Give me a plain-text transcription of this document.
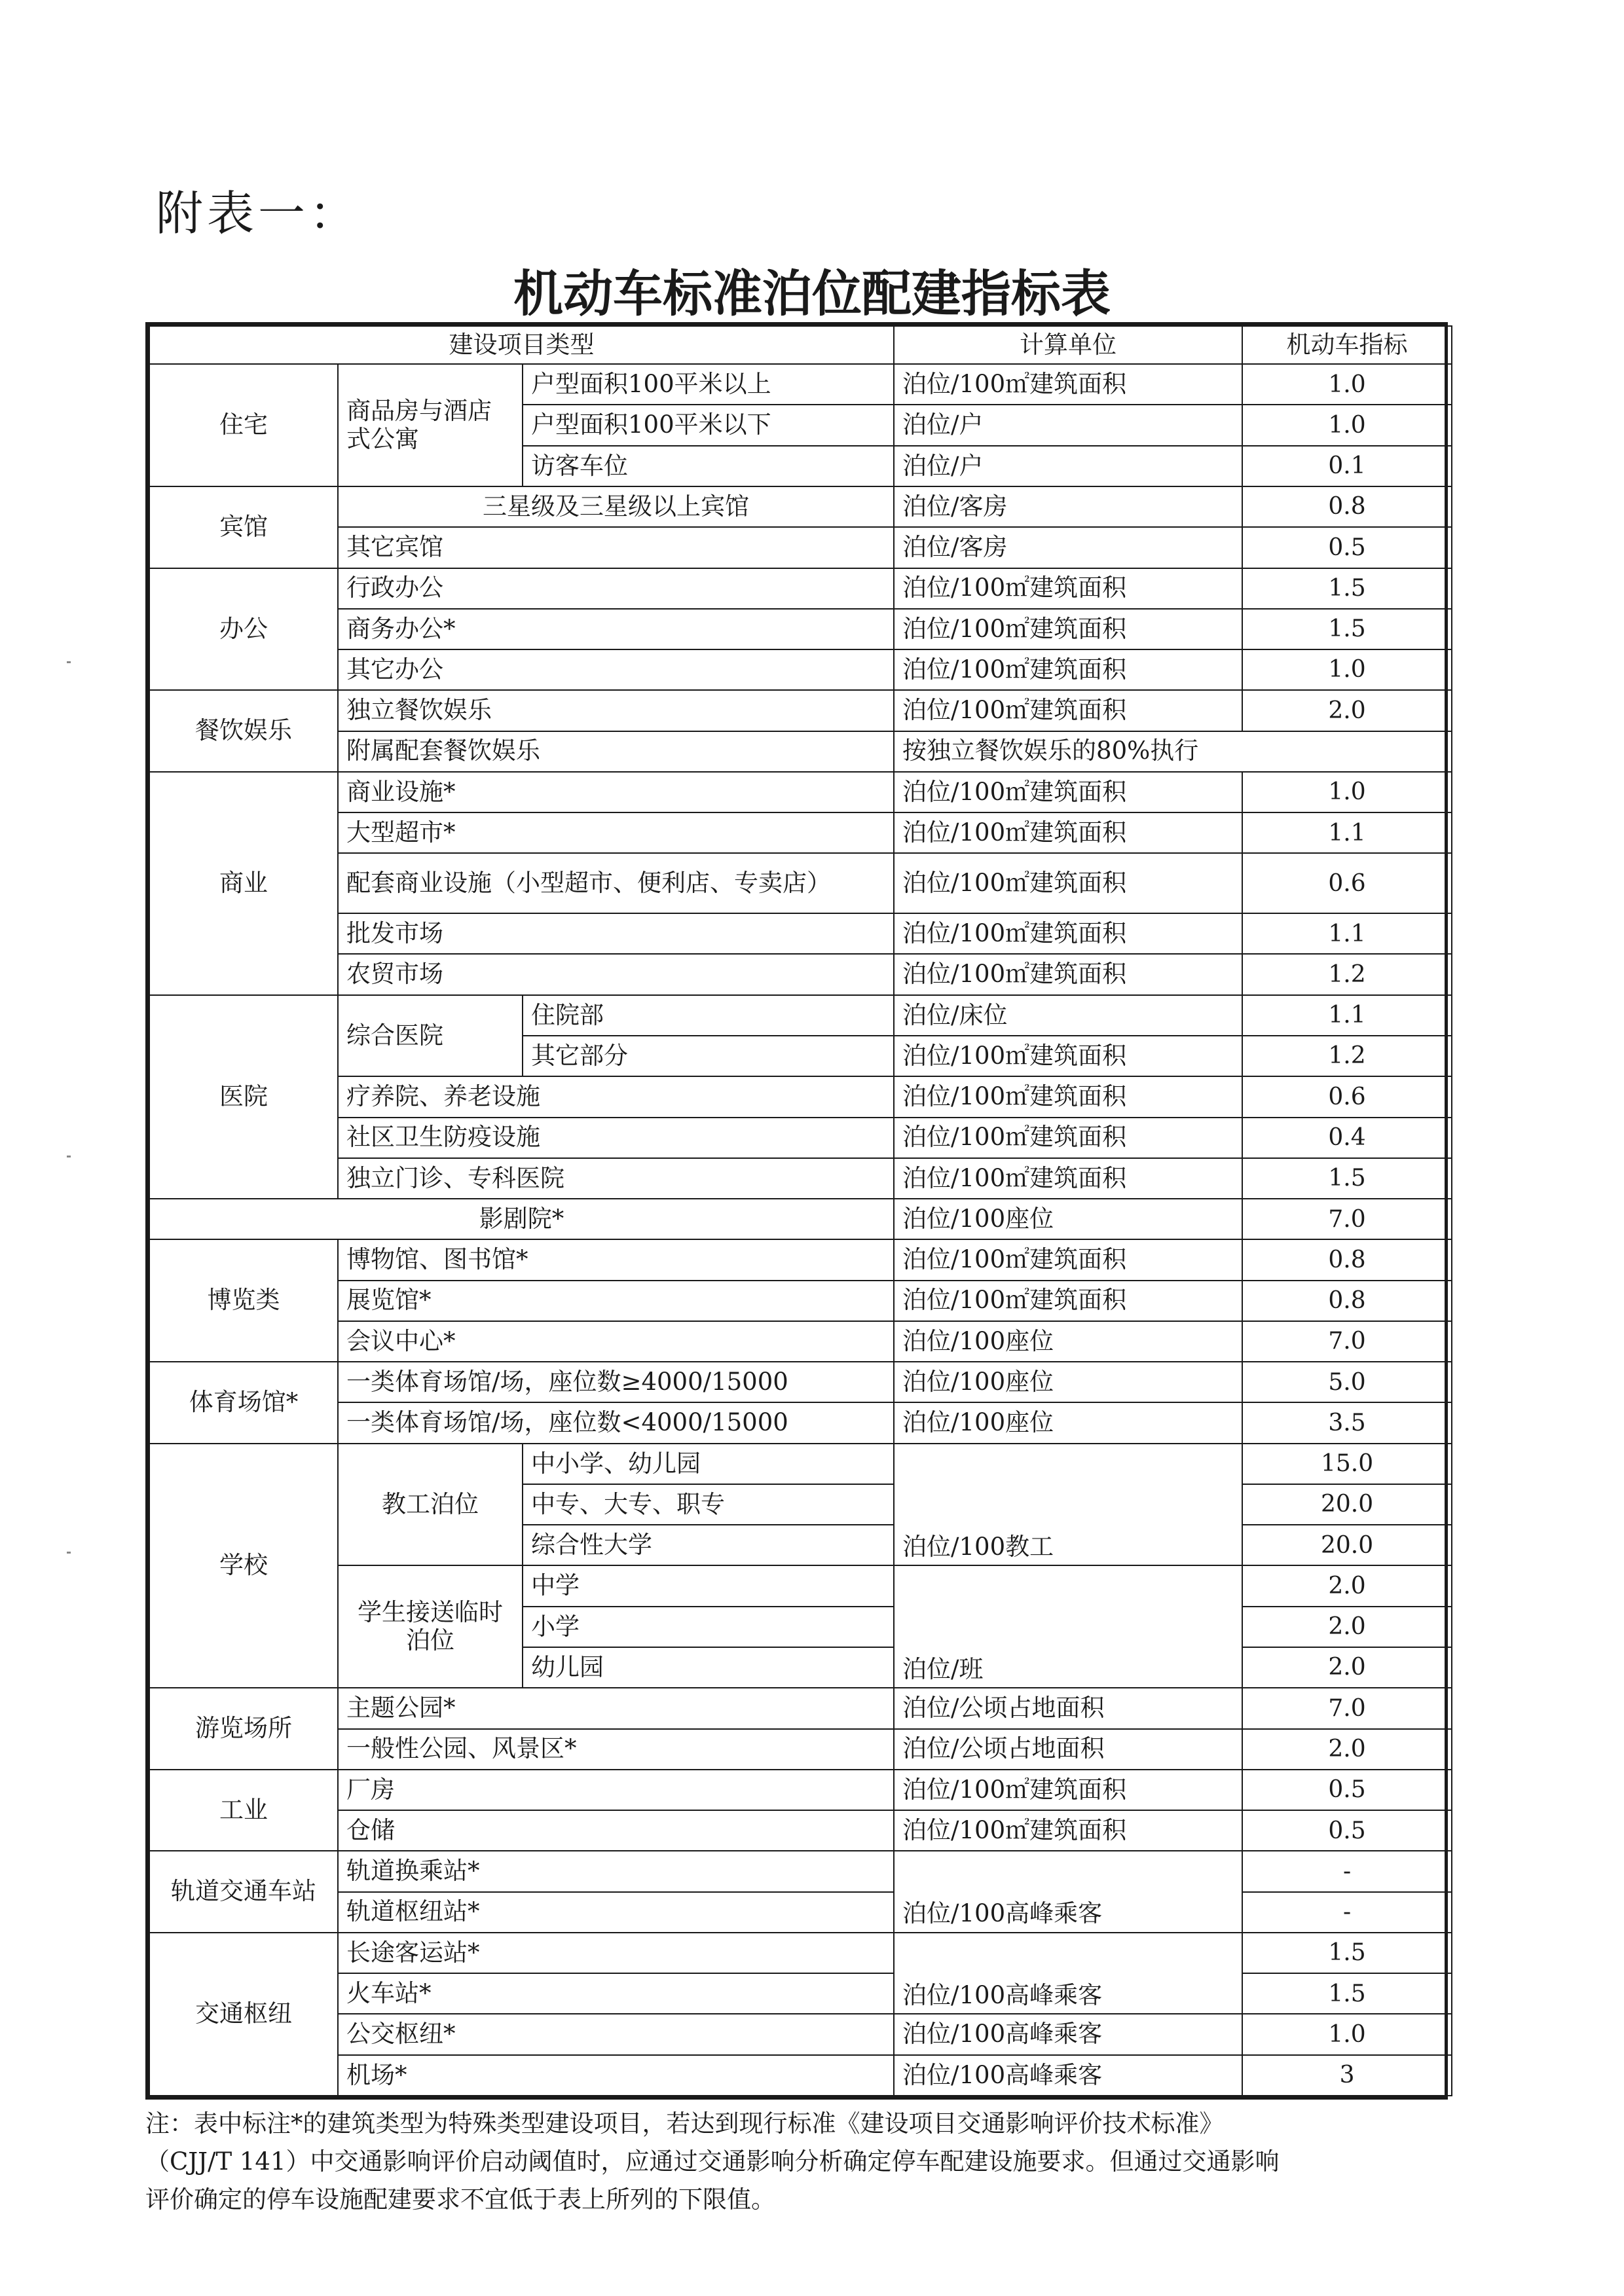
附表一：
机动车标准泊位配建指标表
建设项目类型			计算单位	机动车指标
住宅	商品房与酒店式公寓	户型面积100平米以上	泊位/100㎡建筑面积	1.0
		户型面积100平米以下	泊位/户	1.0
		访客车位	泊位/户	0.1
宾馆	三星级及三星级以上宾馆		泊位/客房	0.8
	其它宾馆		泊位/客房	0.5
办公	行政办公		泊位/100㎡建筑面积	1.5
	商务办公*		泊位/100㎡建筑面积	1.5
	其它办公		泊位/100㎡建筑面积	1.0
餐饮娱乐	独立餐饮娱乐		泊位/100㎡建筑面积	2.0
	附属配套餐饮娱乐		按独立餐饮娱乐的80%执行	
商业	商业设施*		泊位/100㎡建筑面积	1.0
	大型超市*		泊位/100㎡建筑面积	1.1
	配套商业设施（小型超市、便利店、专卖店）		泊位/100㎡建筑面积	0.6
	批发市场		泊位/100㎡建筑面积	1.1
	农贸市场		泊位/100㎡建筑面积	1.2
医院	综合医院	住院部	泊位/床位	1.1
		其它部分	泊位/100㎡建筑面积	1.2
	疗养院、养老设施		泊位/100㎡建筑面积	0.6
	社区卫生防疫设施		泊位/100㎡建筑面积	0.4
	独立门诊、专科医院		泊位/100㎡建筑面积	1.5
影剧院*			泊位/100座位	7.0
博览类	博物馆、图书馆*		泊位/100㎡建筑面积	0.8
	展览馆*		泊位/100㎡建筑面积	0.8
	会议中心*		泊位/100座位	7.0
体育场馆*	一类体育场馆/场，座位数≥4000/15000		泊位/100座位	5.0
	一类体育场馆/场，座位数<4000/15000		泊位/100座位	3.5
学校	教工泊位	中小学、幼儿园	泊位/100教工	15.0
		中专、大专、职专		20.0
		综合性大学		20.0
	学生接送临时泊位	中学	泊位/班	2.0
		小学		2.0
		幼儿园		2.0
游览场所	主题公园*		泊位/公顷占地面积	7.0
	一般性公园、风景区*		泊位/公顷占地面积	2.0
工业	厂房		泊位/100㎡建筑面积	0.5
	仓储		泊位/100㎡建筑面积	0.5
轨道交通车站	轨道换乘站*		泊位/100高峰乘客	-
	轨道枢纽站*			-
交通枢纽	长途客运站*		泊位/100高峰乘客	1.5
	火车站*			1.5
	公交枢纽*		泊位/100高峰乘客	1.0
	机场*		泊位/100高峰乘客	3
注：表中标注*的建筑类型为特殊类型建设项目，若达到现行标准《建设项目交通影响评价技术标准》
（CJJ/T 141）中交通影响评价启动阈值时，应通过交通影响分析确定停车配建设施要求。但通过交通影响
评价确定的停车设施配建要求不宜低于表上所列的下限值。
